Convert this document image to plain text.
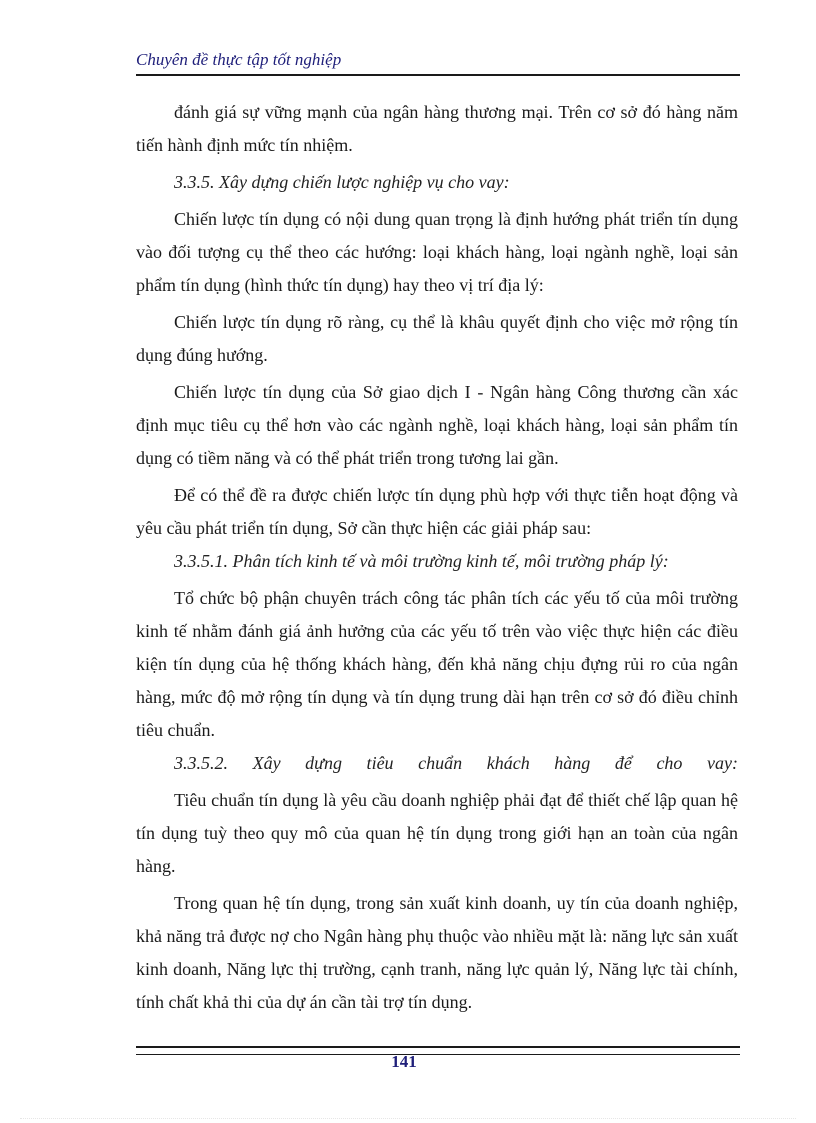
Chuyên đề thực tập tốt nghiệp

đánh giá sự vững mạnh của ngân hàng thương mại. Trên cơ sở đó hàng năm tiến hành định mức tín nhiệm.

3.3.5. Xây dựng chiến lược nghiệp vụ cho vay:

Chiến lược tín dụng có nội dung quan trọng là định hướng phát triển tín dụng vào đối tượng cụ thể theo các hướng: loại khách hàng, loại ngành nghề, loại sản phẩm tín dụng (hình thức tín dụng) hay theo vị trí địa lý:

Chiến lược tín dụng rõ ràng, cụ thể là khâu quyết định cho việc mở rộng tín dụng đúng hướng.

Chiến lược tín dụng của Sở giao dịch I - Ngân hàng Công thương cần xác định mục tiêu cụ thể hơn vào các ngành nghề, loại khách hàng, loại sản phẩm tín dụng có tiềm năng và có thể phát triển trong tương lai gần.

Để có thể đề ra được chiến lược tín dụng phù hợp với thực tiễn hoạt động và yêu cầu phát triển tín dụng, Sở cần thực hiện các giải pháp sau:

3.3.5.1. Phân tích kinh tế và môi trường kinh tế, môi trường pháp lý:

Tổ chức bộ phận chuyên trách công tác phân tích các yếu tố của môi trường kinh tế nhằm đánh giá ảnh hưởng của các yếu tố trên vào việc thực hiện các điều kiện tín dụng của hệ thống khách hàng, đến khả năng chịu đựng rủi ro của ngân hàng, mức độ mở rộng tín dụng và tín dụng trung dài hạn trên cơ sở đó điều chỉnh tiêu chuẩn.

3.3.5.2. Xây dựng tiêu chuẩn khách hàng để cho vay:

Tiêu chuẩn tín dụng là yêu cầu doanh nghiệp phải đạt để thiết chế lập quan hệ tín dụng tuỳ theo quy mô của quan hệ tín dụng trong giới hạn an toàn của ngân hàng.

Trong quan hệ tín dụng, trong sản xuất kinh doanh, uy tín của doanh nghiệp, khả năng trả được nợ cho Ngân hàng phụ thuộc vào nhiều mặt là: năng lực sản xuất kinh doanh, Năng lực thị trường, cạnh tranh, năng lực quản lý, Năng lực tài chính, tính chất khả thi của dự án cần tài trợ tín dụng.

141
